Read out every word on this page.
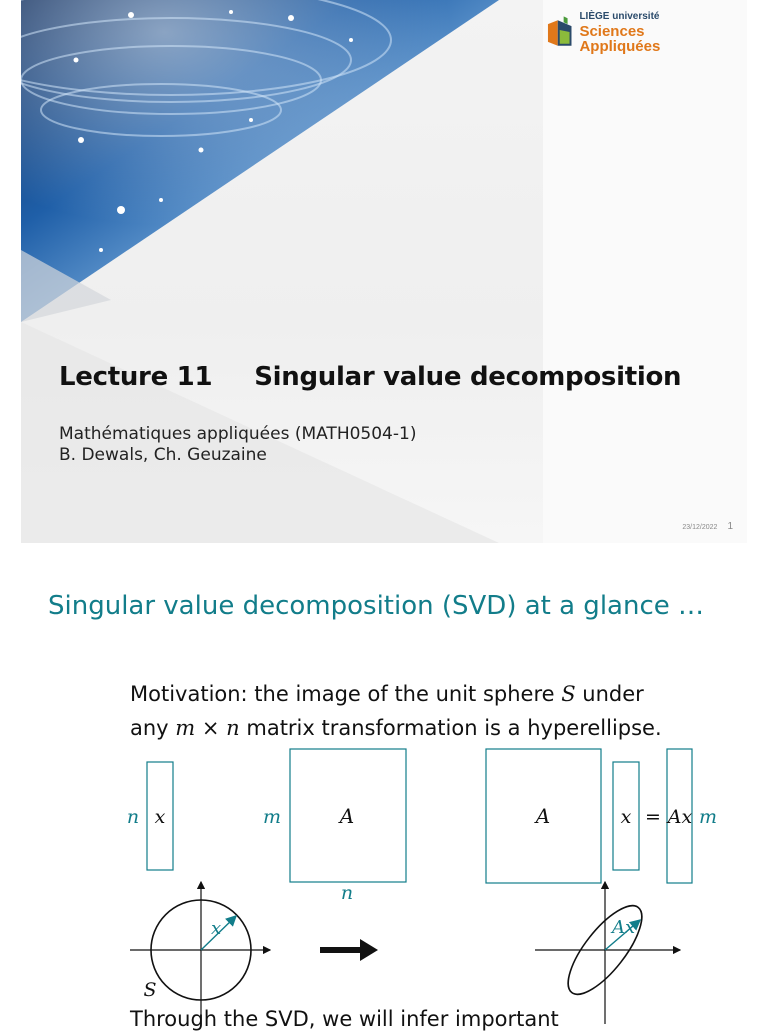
LIÈGE université
Sciences Appliquées
Lecture 11 Singular value decomposition
Mathématiques appliquées (MATH0504-1)
B. Dewals, Ch. Geuzaine
23/12/2022 1
Singular value decomposition (SVD) at a glance …
Motivation: the image of the unit sphere S under
any m × n matrix transformation is a hyperellipse.
n x	m	A
n
A	x = Ax m
x
S
Ax
Through the SVD, we will infer important
